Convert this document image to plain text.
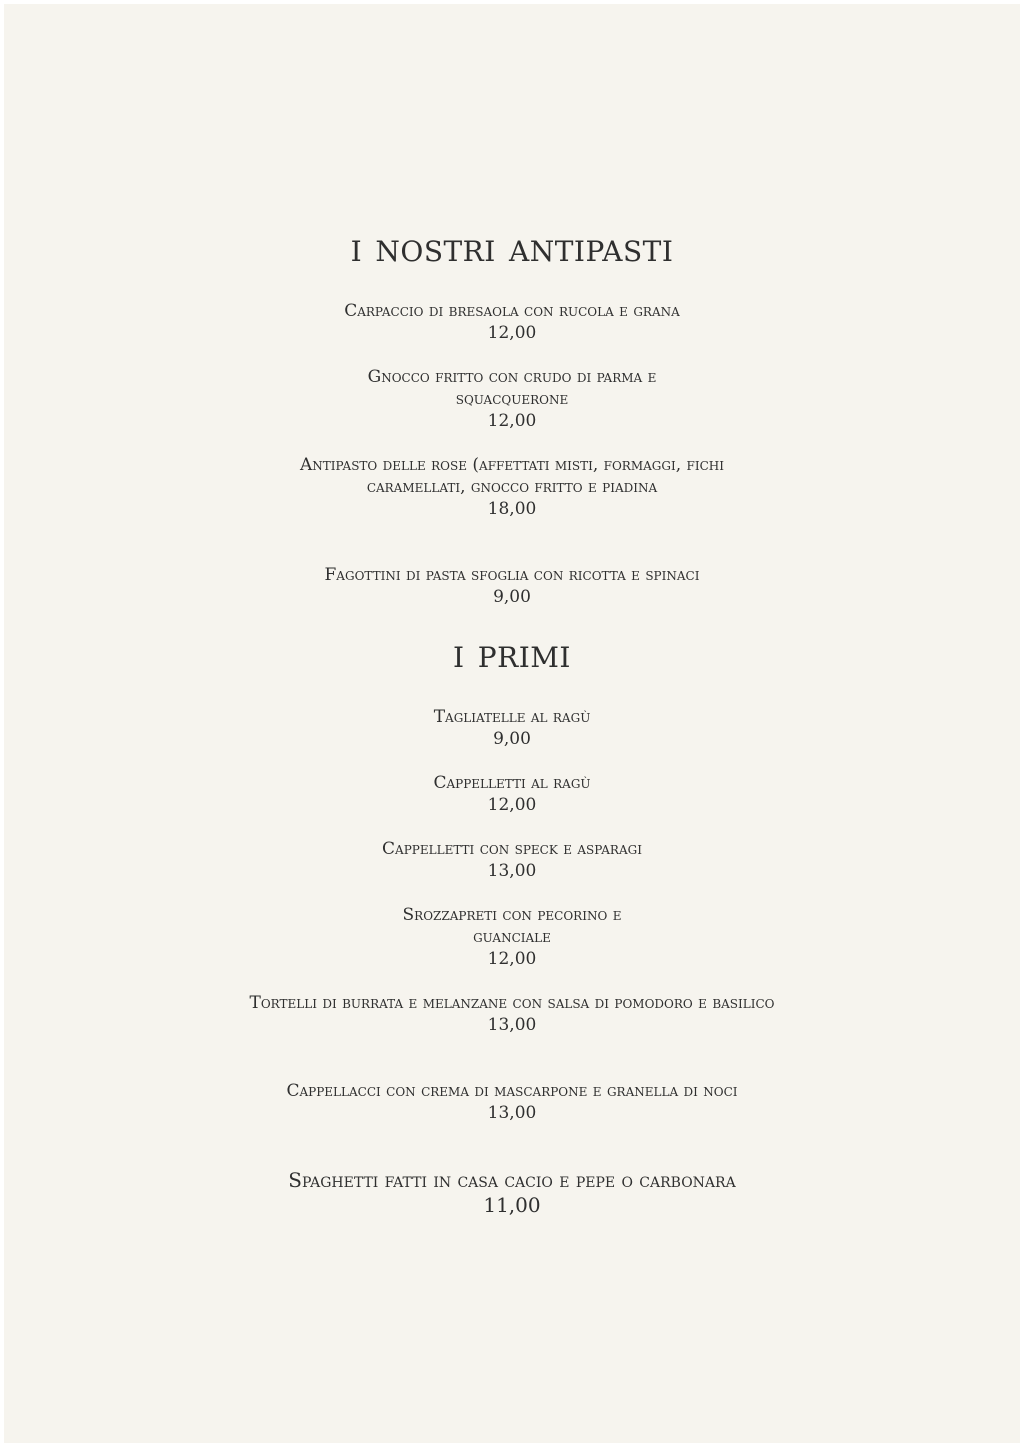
i nostri antipasti
Carpaccio di bresaola con rucola e grana
12,00
Gnocco fritto con crudo di parma e squacquerone
12,00
Antipasto delle rose (affettati misti, formaggi, fichi caramellati, gnocco fritto e piadina
18,00
Fagottini di pasta sfoglia con ricotta e spinaci
9,00
i primi
Tagliatelle al ragù
9,00
Cappelletti al ragù
12,00
Cappelletti con speck e asparagi
13,00
Srozzapreti con pecorino e guanciale
12,00
Tortelli di burrata e melanzane con salsa di pomodoro e basilico
13,00
Cappellacci con crema di mascarpone e granella di noci
13,00
Spaghetti fatti in casa cacio e pepe o carbonara
11,00
